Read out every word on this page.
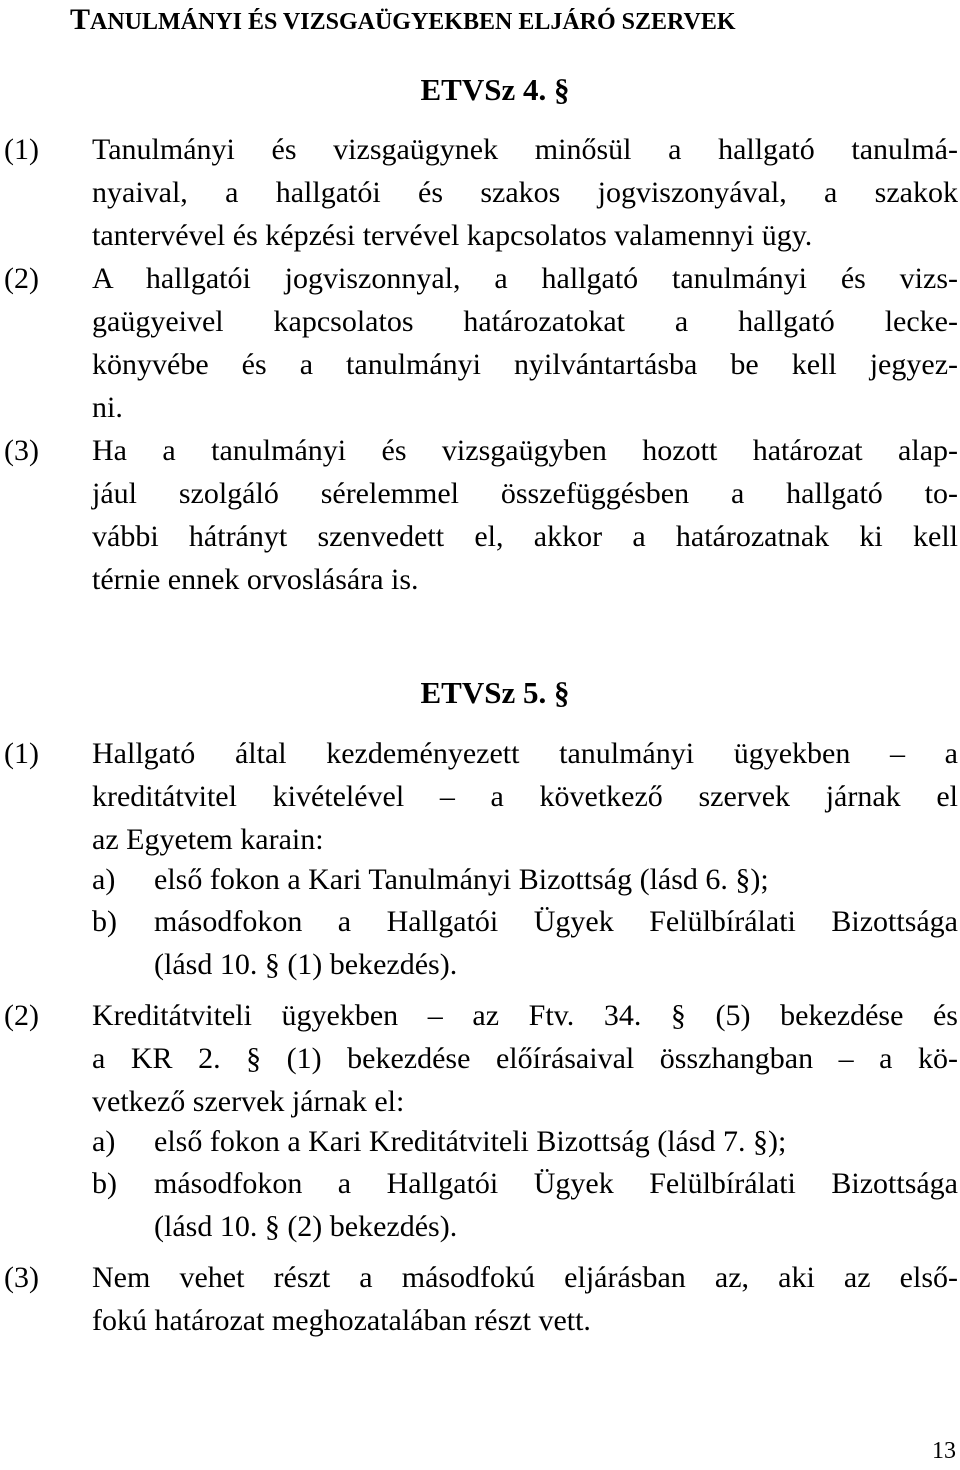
TANULMÁNYI ÉS VIZSGAÜGYEKBEN ELJÁRÓ SZERVEK
ETVSz 4. §
(1) Tanulmányi és vizsgaügynek minősül a hallgató tanulmá-
nyaival, a hallgatói és szakos jogviszonyával, a szakok
tantervével és képzési tervével kapcsolatos valamennyi ügy.
(2) A hallgatói jogviszonnyal, a hallgató tanulmányi és vizs-
gaügyeivel kapcsolatos határozatokat a hallgató lecke-
könyvébe és a tanulmányi nyilvántartásba be kell jegyez-
ni.
(3) Ha a tanulmányi és vizsgaügyben hozott határozat alap-
jául szolgáló sérelemmel összefüggésben a hallgató to-
vábbi hátrányt szenvedett el, akkor a határozatnak ki kell
térnie ennek orvoslására is.
ETVSz 5. §
(1) Hallgató által kezdeményezett tanulmányi ügyekben – a
kreditátvitel kivételével – a következő szervek járnak el
az Egyetem karain:
a) első fokon a Kari Tanulmányi Bizottság (lásd 6. §);
b) másodfokon a Hallgatói Ügyek Felülbírálati Bizottsága
(lásd 10. § (1) bekezdés).
(2) Kreditátviteli ügyekben – az Ftv. 34. § (5) bekezdése és
a KR 2. § (1) bekezdése előírásaival összhangban – a kö-
vetkező szervek járnak el:
a) első fokon a Kari Kreditátviteli Bizottság (lásd 7. §);
b) másodfokon a Hallgatói Ügyek Felülbírálati Bizottsága
(lásd 10. § (2) bekezdés).
(3) Nem vehet részt a másodfokú eljárásban az, aki az első-
fokú határozat meghozatalában részt vett.
13
